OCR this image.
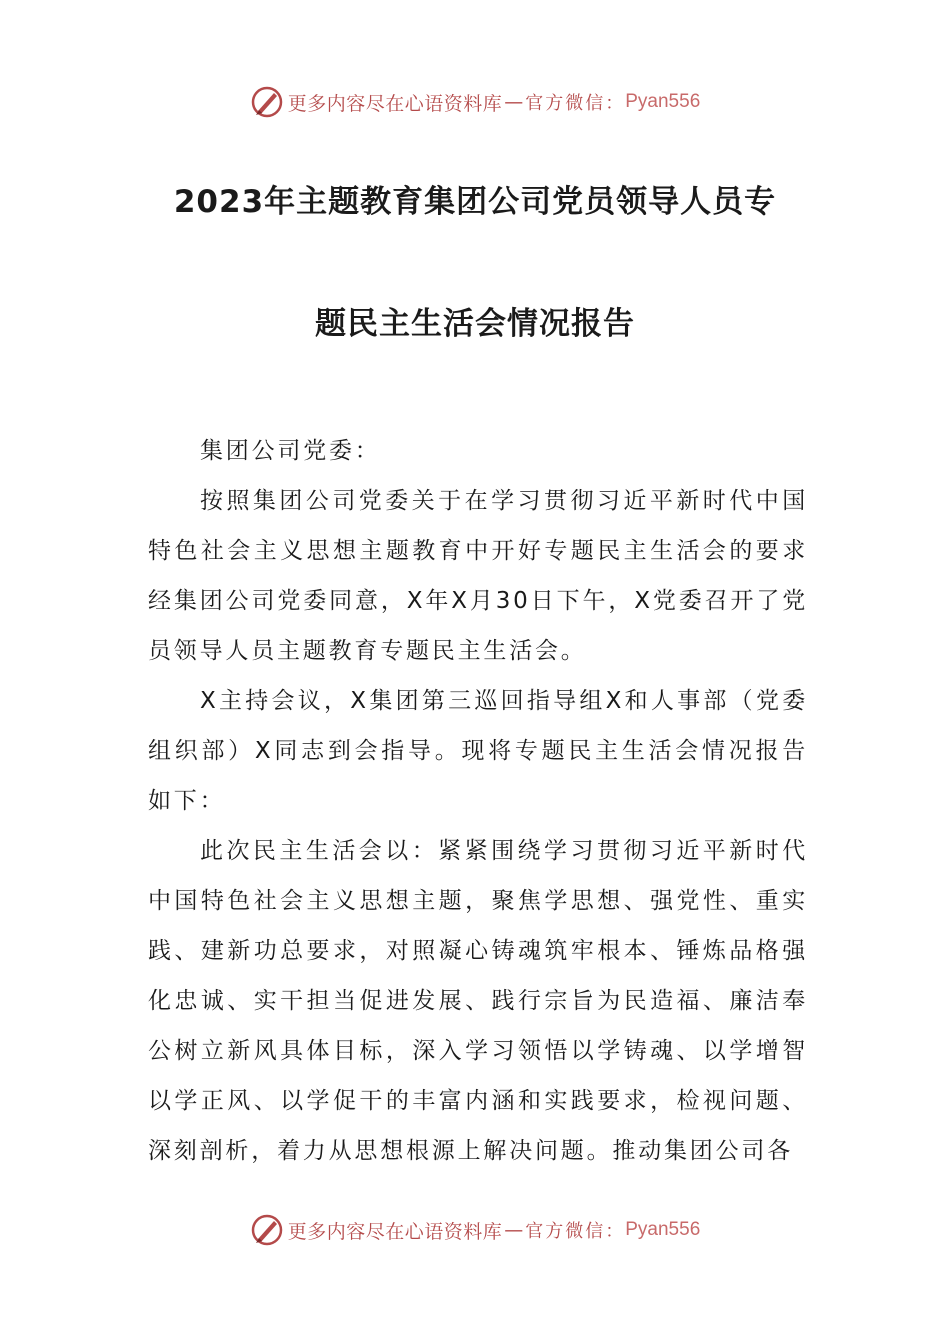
更多内容尽在心语资料库 — 官方微信： Pyan556
2023年主题教育集团公司党员领导人员专
题民主生活会情况报告

集团公司党委：

按照集团公司党委关于在学习贯彻习近平新时代中国特色社会主义思想主题教育中开好专题民主生活会的要求经集团公司党委同意，X年X月30日下午，X党委召开了党员领导人员主题教育专题民主生活会。

X主持会议，X集团第三巡回指导组X和人事部（党委组织部）X同志到会指导。现将专题民主生活会情况报告如下：

此次民主生活会以：紧紧围绕学习贯彻习近平新时代中国特色社会主义思想主题，聚焦学思想、强党性、重实践、建新功总要求，对照凝心铸魂筑牢根本、锤炼品格强化忠诚、实干担当促进发展、践行宗旨为民造福、廉洁奉公树立新风具体目标，深入学习领悟以学铸魂、以学增智以学正风、以学促干的丰富内涵和实践要求，检视问题、深刻剖析，着力从思想根源上解决问题。推动集团公司各

更多内容尽在心语资料库 — 官方微信： Pyan556
